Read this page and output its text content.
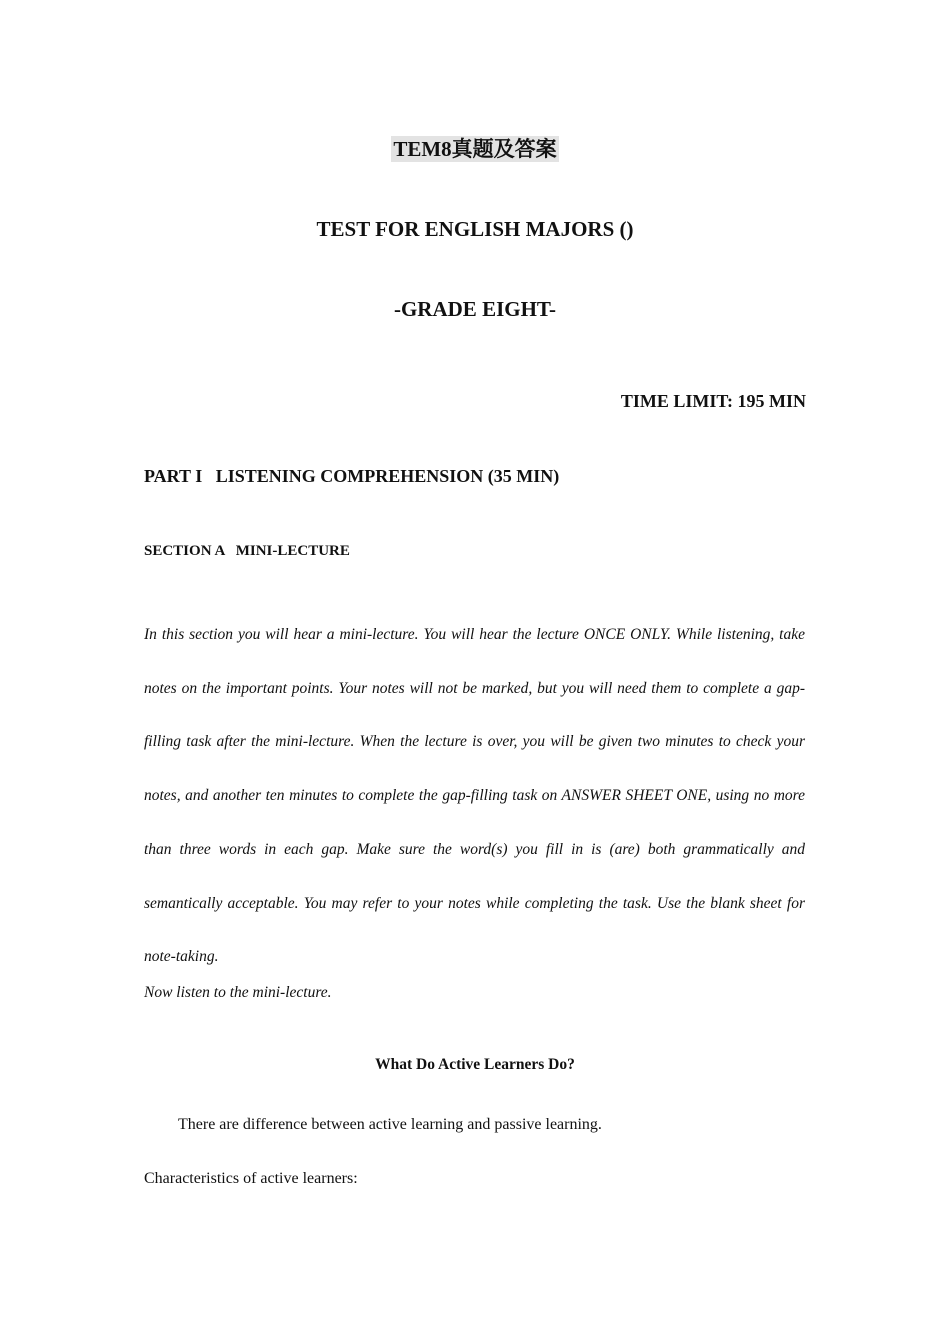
TEM8真题及答案
TEST FOR ENGLISH MAJORS ()
-GRADE EIGHT-
TIME LIMIT: 195 MIN
PART I   LISTENING COMPREHENSION (35 MIN)
SECTION A   MINI-LECTURE
In this section you will hear a mini-lecture. You will hear the lecture ONCE ONLY. While listening, take notes on the important points. Your notes will not be marked, but you will need them to complete a gap-filling task after the mini-lecture. When the lecture is over, you will be given two minutes to check your notes, and another ten minutes to complete the gap-filling task on ANSWER SHEET ONE, using no more than three words in each gap. Make sure the word(s) you fill in is (are) both grammatically and semantically acceptable. You may refer to your notes while completing the task. Use the blank sheet for note-taking.
Now listen to the mini-lecture.
What Do Active Learners Do?
There are difference between active learning and passive learning.
Characteristics of active learners:
